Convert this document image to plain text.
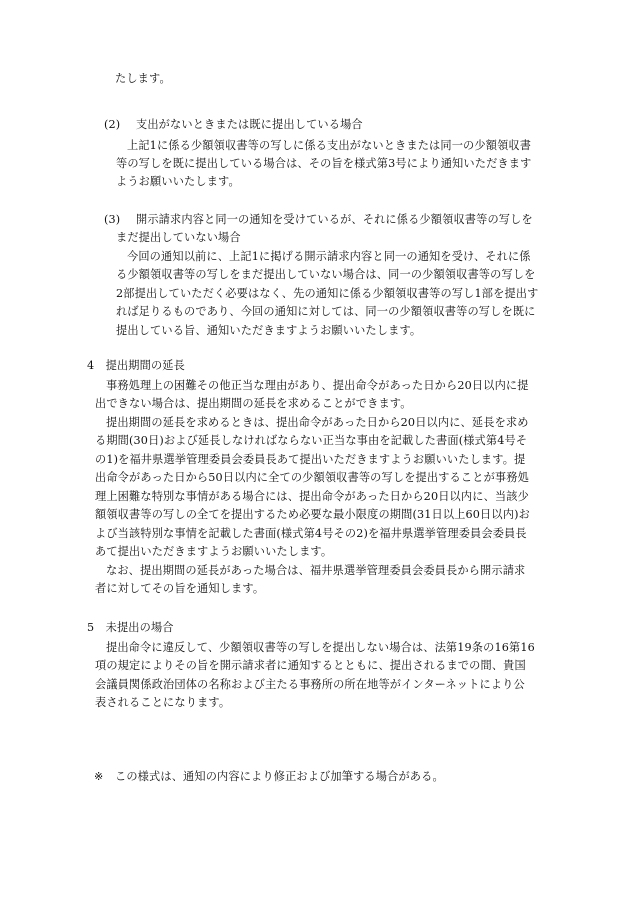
たします。
(2) 支出がないときまたは既に提出している場合
上記1に係る少額領収書等の写しに係る支出がないときまたは同一の少額領収書
等の写しを既に提出している場合は、その旨を様式第3号により通知いただきます
ようお願いいたします。
(3) 開示請求内容と同一の通知を受けているが、それに係る少額領収書等の写しを
まだ提出していない場合
今回の通知以前に、上記1に掲げる開示請求内容と同一の通知を受け、それに係
る少額領収書等の写しをまだ提出していない場合は、同一の少額領収書等の写しを
2部提出していただく必要はなく、先の通知に係る少額領収書等の写し1部を提出す
れば足りるものであり、今回の通知に対しては、同一の少額領収書等の写しを既に
提出している旨、通知いただきますようお願いいたします。
4　提出期間の延長
事務処理上の困難その他正当な理由があり、提出命令があった日から20日以内に提
出できない場合は、提出期間の延長を求めることができます。
提出期間の延長を求めるときは、提出命令があった日から20日以内に、延長を求め
る期間(30日)および延長しなければならない正当な事由を記載した書面(様式第4号そ
の1)を福井県選挙管理委員会委員長あて提出いただきますようお願いいたします。提
出命令があった日から50日以内に全ての少額領収書等の写しを提出することが事務処
理上困難な特別な事情がある場合には、提出命令があった日から20日以内に、当該少
額領収書等の写しの全てを提出するため必要な最小限度の期間(31日以上60日以内)お
よび当該特別な事情を記載した書面(様式第4号その2)を福井県選挙管理委員会委員長
あて提出いただきますようお願いいたします。
なお、提出期間の延長があった場合は、福井県選挙管理委員会委員長から開示請求
者に対してその旨を通知します。
5　未提出の場合
提出命令に違反して、少額領収書等の写しを提出しない場合は、法第19条の16第16
項の規定によりその旨を開示請求者に通知するとともに、提出されるまでの間、貴国
会議員関係政治団体の名称および主たる事務所の所在地等がインターネットにより公
表されることになります。
※ この様式は、通知の内容により修正および加筆する場合がある。
